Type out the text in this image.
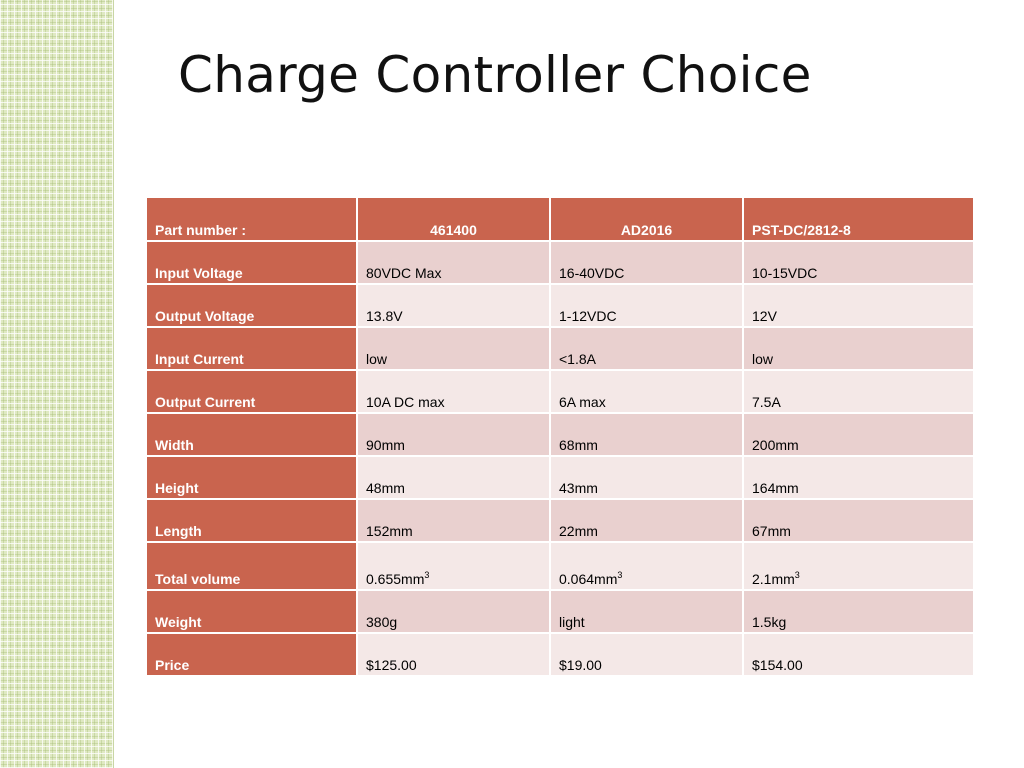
Charge Controller Choice
Part number :	461400	AD2016	PST-DC/2812-8
Input Voltage	80VDC Max	16-40VDC	10-15VDC
Output Voltage	13.8V	1-12VDC	12V
Input Current	low	<1.8A	low
Output Current	10A DC max	6A max	7.5A
Width	90mm	68mm	200mm
Height	48mm	43mm	164mm
Length	152mm	22mm	67mm
Total volume	$0.655mm^3$	$0.064mm^3$	$2.1mm^3$
Weight	380g	light	1.5kg
Price	$125.00	$19.00	$154.00
